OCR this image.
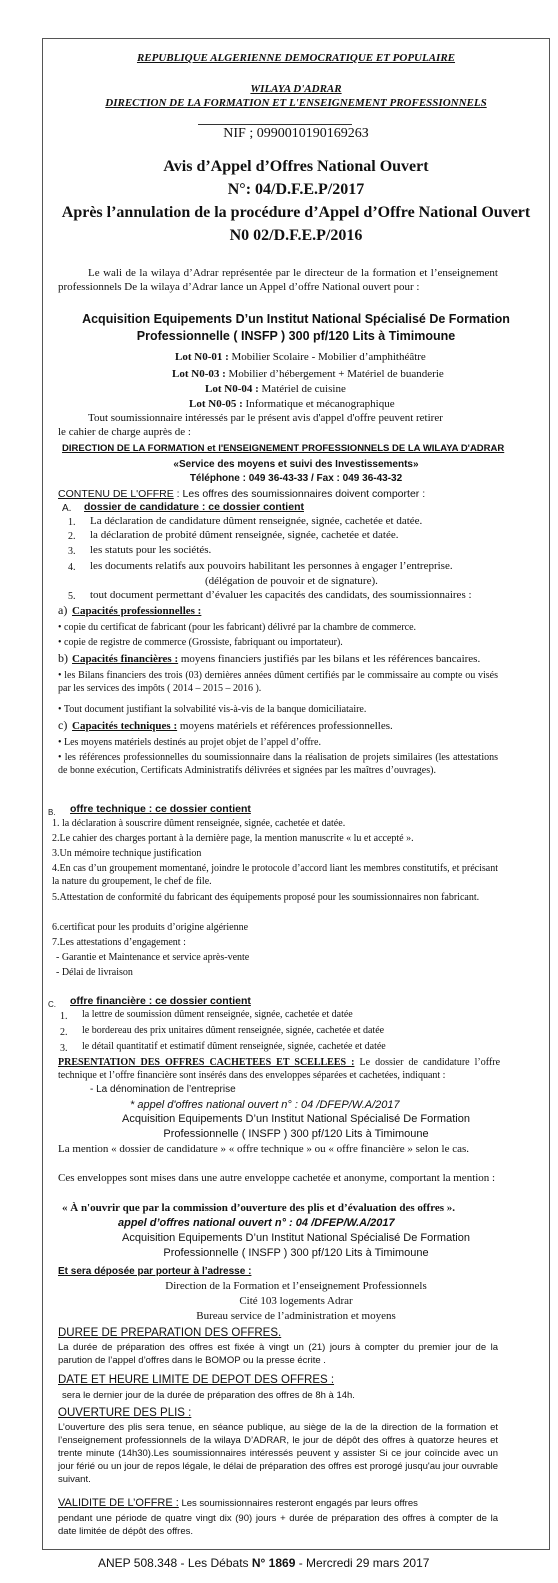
REPUBLIQUE ALGERIENNE DEMOCRATIQUE ET POPULAIRE
WILAYA D'ADRAR
DIRECTION DE LA FORMATION ET L'ENSEIGNEMENT PROFESSIONNELS
NIF ; 099001019016926З
Avis d’Appel d’Offres National Ouvert
N°: 04/D.F.E.P/2017
Après l’annulation de la procédure d’Appel d’Offre National Ouvert
N0 02/D.F.E.P/2016
Le wali de la wilaya d’Adrar représentée par le directeur de la formation et l’enseignement professionnels De la wilaya d’Adrar lance un Appel d’offre National ouvert pour :
Acquisition Equipements D’un Institut National Spécialisé De Formation
Professionnelle ( INSFP ) 300 pf/120 Lits à Timimoune
Lot N0-01 : Mobilier Scolaire - Mobilier d’amphithéâtre
Lot N0-03 : Mobilier d’hébergement + Matériel de buanderie
Lot N0-04 : Matériel de cuisine
Lot N0-05 : Informatique et mécanographique
Tout soumissionnaire intéressés par le présent avis d'appel d'offre peuvent retirer
le cahier de charge auprès de :
DIRECTION DE LA FORMATION et l'ENSEIGNEMENT PROFESSIONNELS DE LA WILAYA D'ADRAR
«Service des moyens et suivi des Investissements»
Téléphone : 049 36-43-33 / Fax : 049 36-43-32
CONTENU DE L'OFFRE : Les offres des soumissionnaires doivent comporter :
A. dossier de candidature : ce dossier contient
1. La déclaration de candidature dûment renseignée, signée, cachetée et datée.
2. la déclaration de probité dûment renseignée, signée, cachetée et datée.
3. les statuts pour les sociétés.
4. les documents relatifs aux pouvoirs habilitant les personnes à engager l’entreprise.
(délégation de pouvoir et de signature).
5. tout document permettant d’évaluer les capacités des candidats, des soumissionnaires :
a) Capacités professionnelles :
• copie du certificat de fabricant (pour les fabricant) délivré par la chambre de commerce.
• copie de registre de commerce (Grossiste, fabriquant ou importateur).
b) Capacités financières : moyens financiers justifiés par les bilans et les références bancaires.
• les Bilans financiers des trois (03) dernières années dûment certifiés par le commissaire au compte ou visés par les services des impôts ( 2014 – 2015 – 2016 ).
• Tout document justifiant la solvabilité vis-à-vis de la banque domiciliataire.
c) Capacités techniques : moyens matériels et références professionnelles.
• Les moyens matériels destinés au projet objet de l’appel d’offre.
• les références professionnelles du soumissionnaire dans la réalisation de projets similaires (les attestations de bonne exécution, Certificats Administratifs délivrées et signées par les maîtres d’ouvrages).
B. offre technique : ce dossier contient
1. la déclaration à souscrire dûment renseignée, signée, cachetée et datée.
2.Le cahier des charges portant à la dernière page, la mention manuscrite « lu et accepté ».
3.Un mémoire technique justification
4.En cas d’un groupement momentané, joindre le protocole d’accord liant les membres constitutifs, et précisant la nature du groupement, le chef de file.
5.Attestation de conformité du fabricant des équipements proposé pour les soumissionnaires non fabricant.
6.certificat pour les produits d’origine algérienne
7.Les attestations d’engagement :
- Garantie et Maintenance et service après-vente
- Délai de livraison
C. offre financière : ce dossier contient
1. la lettre de soumission dûment renseignée, signée, cachetée et datée
2. le bordereau des prix unitaires dûment renseignée, signée, cachetée et datée
3. le détail quantitatif et estimatif dûment renseignée, signée, cachetée et datée
PRESENTATION DES OFFRES CACHETEES ET SCELLEES : Le dossier de candidature l’offre technique et l’offre financière sont insérés dans des enveloppes séparées et cachetées, indiquant :
- La dénomination de l’entreprise
* appel d'offres national ouvert n° : 04 /DFEP/W.A/2017
Acquisition Equipements D’un Institut National Spécialisé De Formation
Professionnelle ( INSFP ) 300 pf/120 Lits à Timimoune
La mention « dossier de candidature » « offre technique » ou « offre financière » selon le cas.
Ces enveloppes sont mises dans une autre enveloppe cachetée et anonyme, comportant la mention :
« À n'ouvrir que par la commission d’ouverture des plis et d’évaluation des offres ».
appel d’offres national ouvert n° : 04 /DFEP/W.A/2017
Acquisition Equipements D’un Institut National Spécialisé De Formation
Professionnelle ( INSFP ) 300 pf/120 Lits à Timimoune
Et sera déposée par porteur à l’adresse :
Direction de la Formation et l’enseignement Professionnels
Cité 103 logements Adrar
Bureau service de l’administration et moyens
DUREE DE PREPARATION DES OFFRES.
La durée de préparation des offres est fixée à vingt un (21) jours à compter du premier jour de la parution de l’appel d’offres dans le BOMOP ou la presse écrite .
DATE ET HEURE LIMITE DE DEPOT DES OFFRES :
sera le dernier jour de la durée de préparation des offres de 8h à 14h.
OUVERTURE DES PLIS :
L’ouverture des plis sera tenue, en séance publique, au siège de la de la direction de la formation et l’enseignement professionnels de la wilaya D’ADRAR, le jour de dépôt des offres à quatorze heures et trente minute (14h30).Les soumissionnaires intéressés peuvent y assister Si ce jour coïncide avec un jour férié ou un jour de repos légale, le délai de préparation des offres est prorogé jusqu'au jour ouvrable suivant.
VALIDITE DE L’OFFRE : Les soumissionnaires resteront engagés par leurs offres
pendant une période de quatre vingt dix (90) jours + durée de préparation des offres à compter de la date limitée de dépôt des offres.
ANEP 508.348 - Les Débats N° 1869 - Mercredi 29 mars 2017
